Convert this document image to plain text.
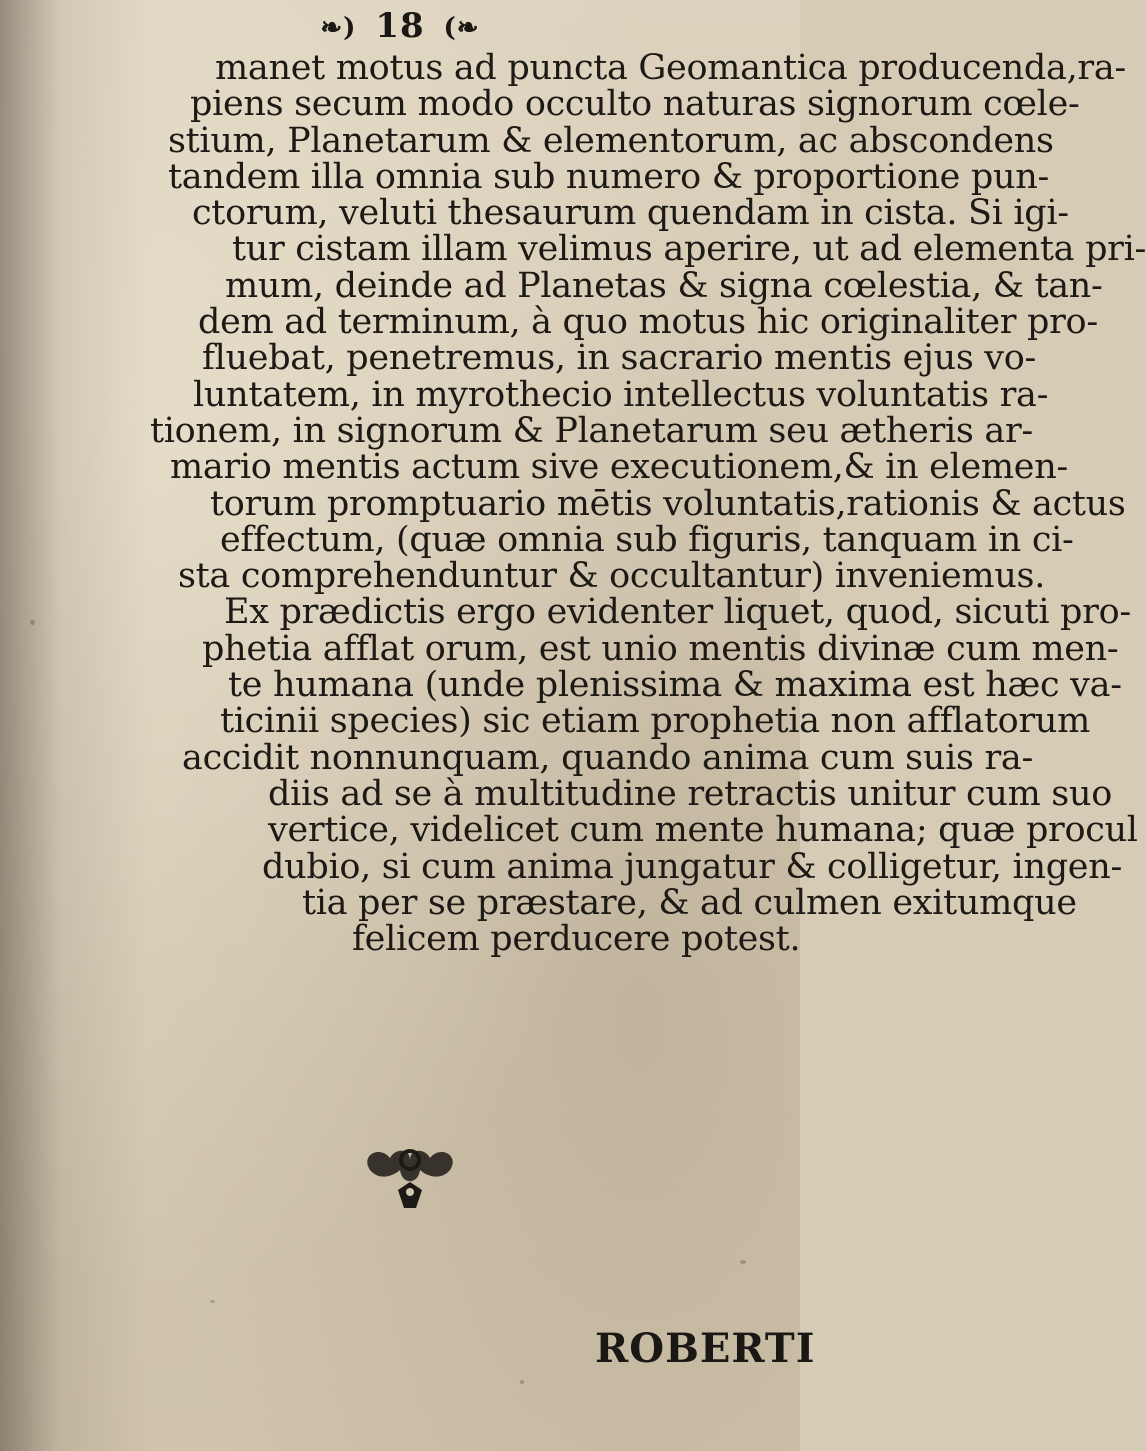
❧) 18 (❧
manet motus ad puncta Geomantica producenda,ra-
piens secum modo occulto naturas signorum cœle-
stium, Planetarum & elementorum, ac abscondens
tandem illa omnia sub numero & proportione pun-
ctorum, veluti thesaurum quendam in cista. Si igi-
tur cistam illam velimus aperire, ut ad elementa pri-
mum, deinde ad Planetas & signa cœlestia, & tan-
dem ad terminum, à quo motus hic originaliter pro-
fluebat, penetremus, in sacrario mentis ejus vo-
luntatem, in myrothecio intellectus voluntatis ra-
tionem, in signorum & Planetarum seu ætheris ar-
mario mentis actum sive executionem,& in elemen-
torum promptuario mētis voluntatis,rationis & actus
effectum, (quæ omnia sub figuris, tanquam in ci-
sta comprehenduntur & occultantur) inveniemus.
Ex prædictis ergo evidenter liquet, quod, sicuti pro-
phetia afflat orum, est unio mentis divinæ cum men-
te humana (unde plenissima & maxima est hæc va-
ticinii species) sic etiam prophetia non afflatorum
accidit nonnunquam, quando anima cum suis ra-
diis ad se à multitudine retractis unitur cum suo
vertice, videlicet cum mente humana; quæ procul
dubio, si cum anima jungatur & colligetur, ingen-
tia per se præstare, & ad culmen exitumque
felicem perducere potest.
ROBERTI
